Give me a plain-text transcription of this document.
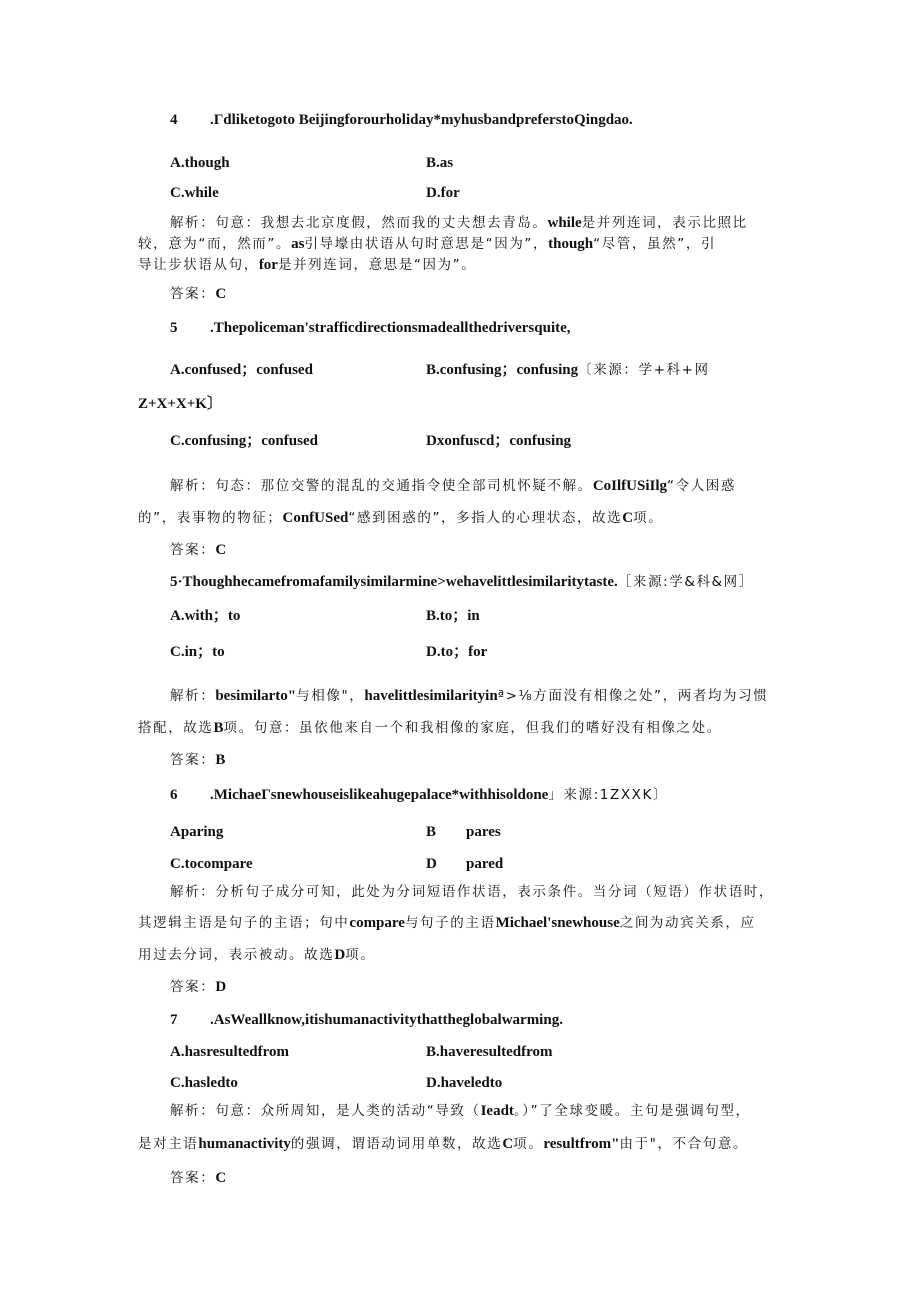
4 .Гdliketogoto Beijingforourholiday*myhusbandpreferstoQingdao.
A.though	B.as
C.while	D.for
解析：句意：我想去北京度假，然而我的丈夫想去青岛。while是并列连词，表示比照比
较，意为“而，然而”。as引导壕由状语从句时意思是“因为”，though“尽管，虽然”，引
导让步状语从句，for是并列连词，意思是“因为”。
答案：C
5 .Thepoliceman'strafficdirectionsmadeallthedriversquite,
A.confused；confused	B.confusing；confusing〔来源：学+科+网
Z+X+X+K〕
C.confusing；confused	Dxonfuscd；confusing
解析：句态：那位交警的混乱的交通指令使全部司机怀疑不解。CoIlfUSiIlg“令人困惑
的”，表事物的物征；ConfUSed“感到困惑的”，多指人的心理状态，故选C项。
答案：C
5·Thoughhecamefromafamilysimilarmine>wehavelittlesimilaritytaste.［来源:学&科&网］
A.with；to	B.to；in
C.in；to	D.to；for
解析：besimilarto"与相像"，havelittlesimilarityinª>⅛方面没有相像之处”，两者均为习惯
搭配，故选B项。句意：虽依他来自一个和我相像的家庭，但我们的嗜好没有相像之处。
答案：B
6 .MichaeГsnewhouseislikeahugepalace*withhisoldone」来源:1ZXXK〕
Aparing	B pares
C.tocompare	D pared
解析：分析句子成分可知，此处为分词短语作状语，表示条件。当分词（短语）作状语时，
其逻辑主语是句子的主语；句中compare与句子的主语Michael'snewhouse之间为动宾关系，应
用过去分词，表示被动。故选D项。
答案：D
7 .AsWeallknow,itishumanactivitythattheglobalwarming.
A.hasresultedfrom	B.haveresultedfrom
C.hasledto	D.haveledto
解析：句意：众所周知，是人类的活动“导致（Ieadt。）”了全球变暖。主句是强调句型，
是对主语humanactivity的强调，谓语动词用单数，故选C项。resultfrom"由于"，不合句意。
答案：C
